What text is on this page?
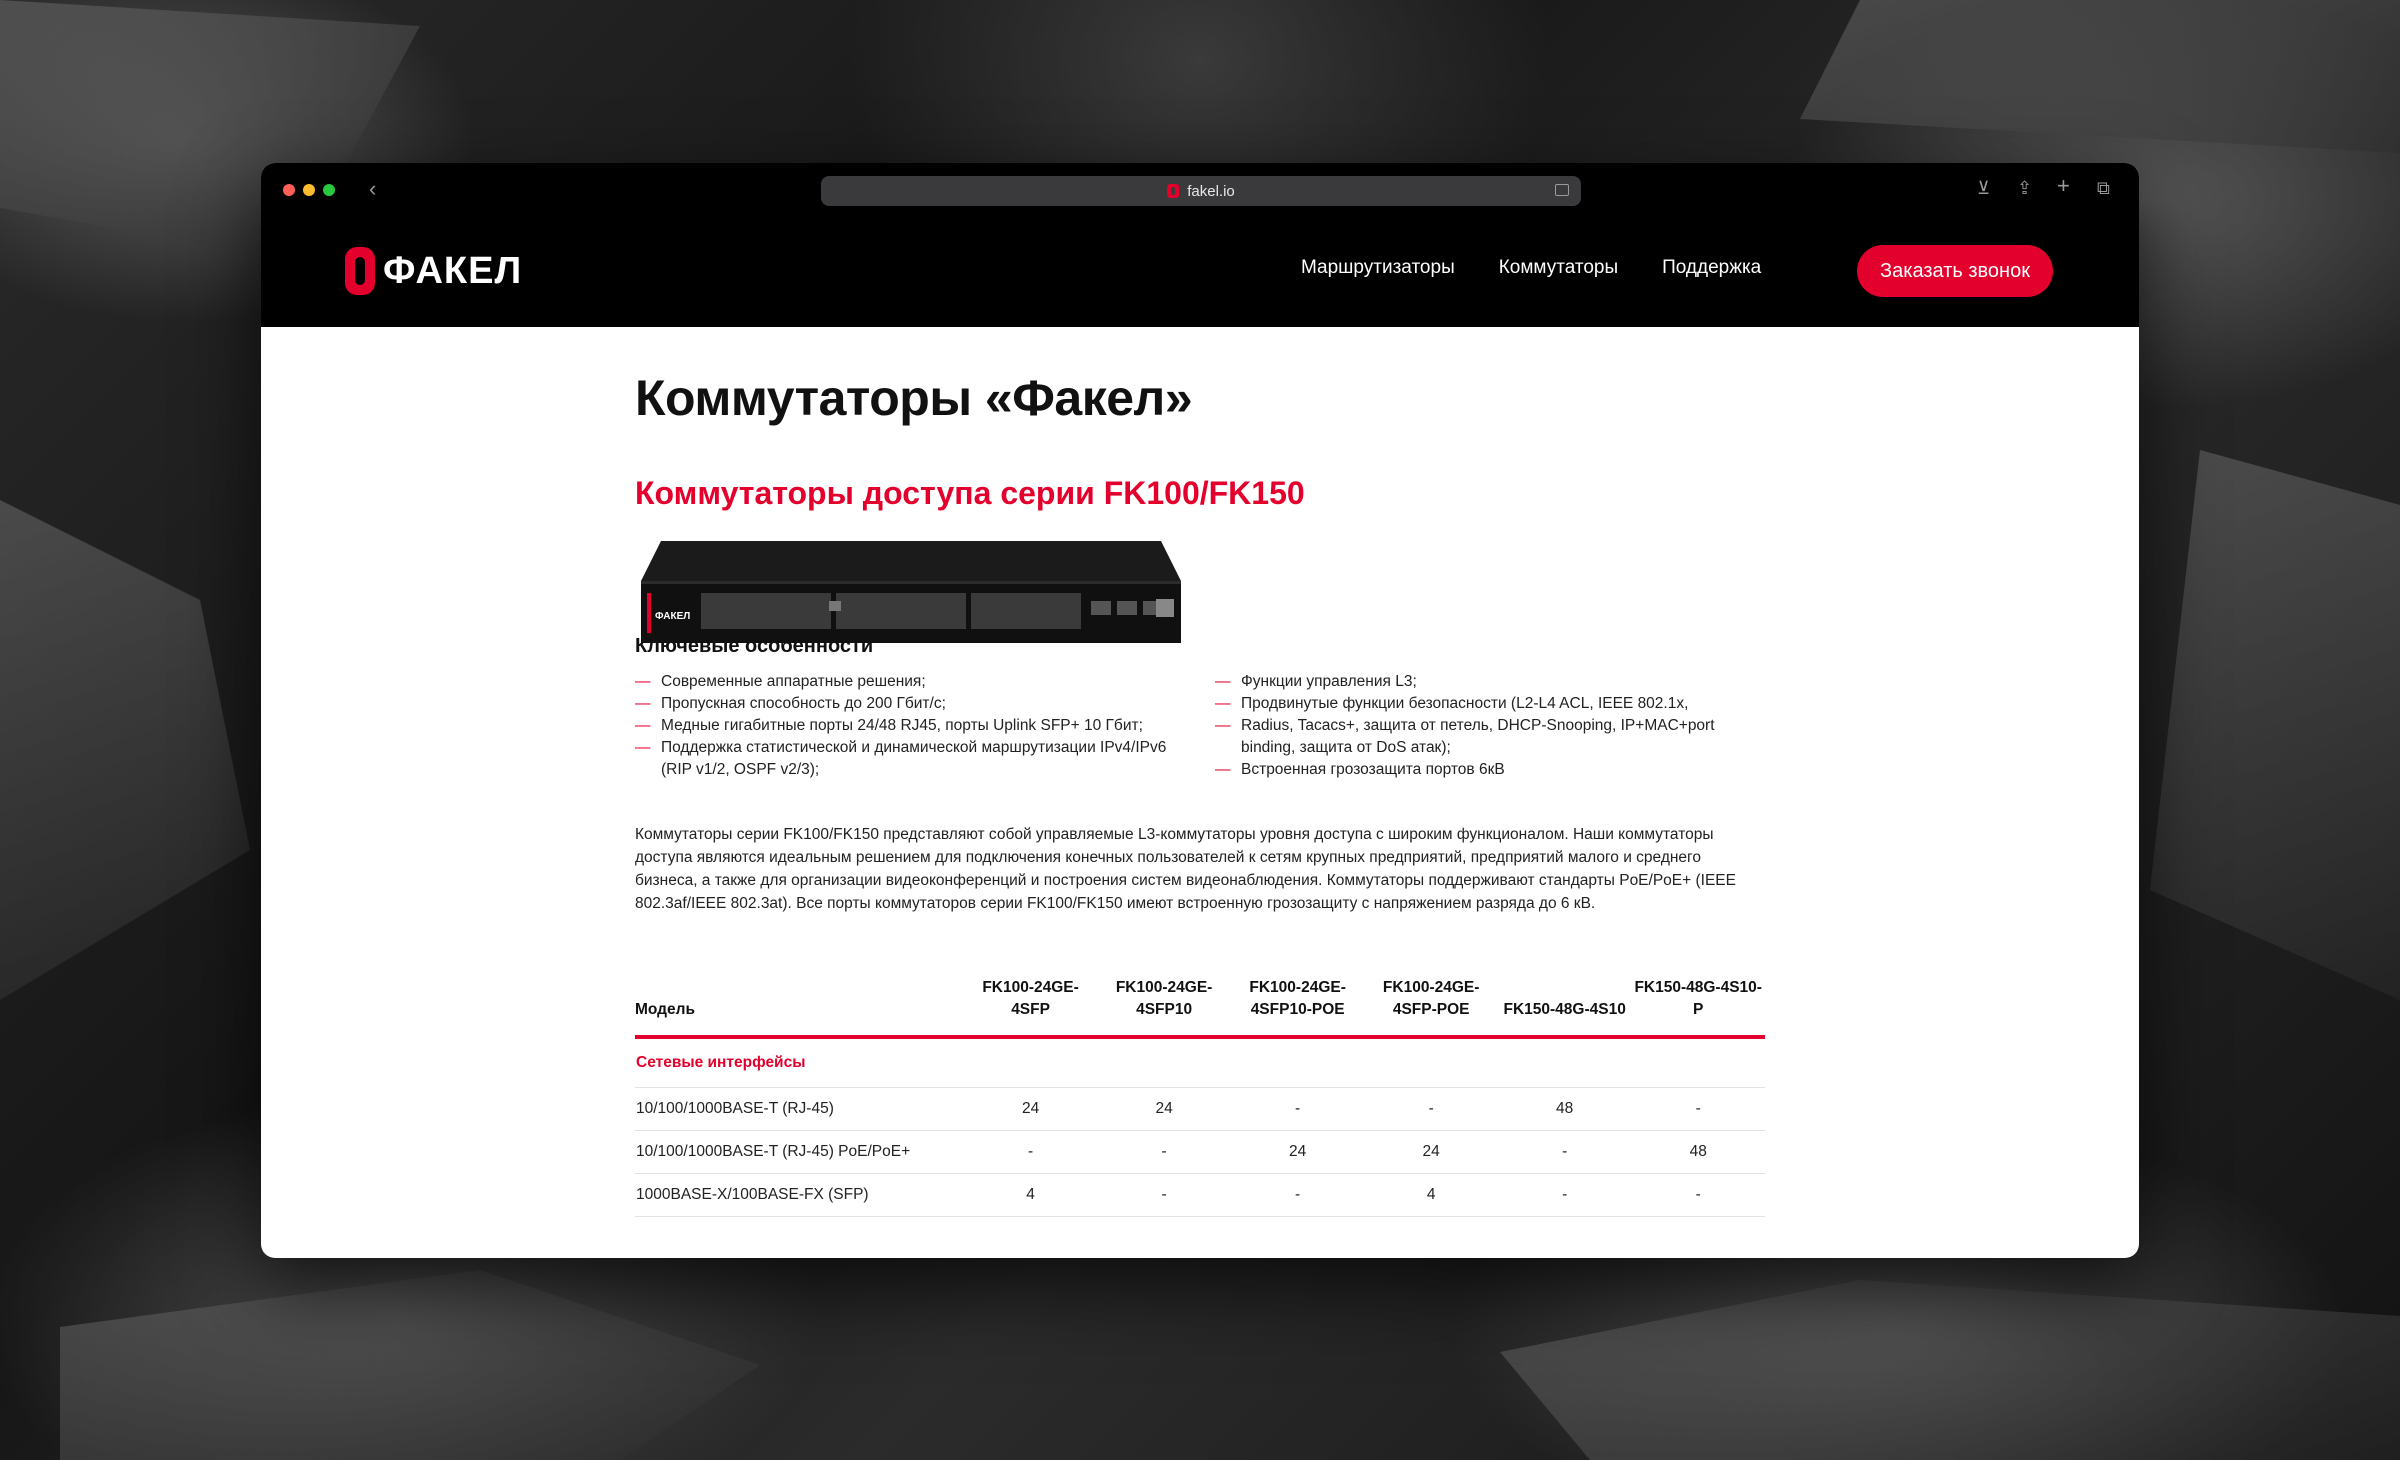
‹	fakel.io	⊻ ⇪ + ⧉
ФАКЕЛ	Маршрутизаторы Коммутаторы Поддержка	Заказать звонок
Коммутаторы «Факел»
Коммутаторы доступа серии FK100/FK150
ФАКЕЛ
Ключевые особенности
— Современные аппаратные решения;
— Пропускная способность до 200 Гбит/с;
— Медные гигабитные порты 24/48 RJ45, порты Uplink SFP+ 10 Гбит;
— Поддержка статистической и динамической маршрутизации IPv4/IPv6 (RIP v1/2, OSPF v2/3);
— Функции управления L3;
— Продвинутые функции безопасности (L2-L4 ACL, IEEE 802.1x,
— Radius, Tacacs+, защита от петель, DHCP-Snooping, IP+MAC+port binding, защита от DoS атак);
— Встроенная грозозащита портов 6кВ

Коммутаторы серии FK100/FK150 представляют собой управляемые L3-коммутаторы уровня доступа с широким функционалом. Наши коммутаторы доступа являются идеальным решением для подключения конечных пользователей к сетям крупных предприятий, предприятий малого и среднего бизнеса, а также для организации видеоконференций и построения систем видеонаблюдения. Коммутаторы поддерживают стандарты PoE/PoE+ (IEEE 802.3af/IEEE 802.3at). Все порты коммутаторов серии FK100/FK150 имеют встроенную грозозащиту с напряжением разряда до 6 кВ.

Модель	FK100-24GE-4SFP	FK100-24GE-4SFP10	FK100-24GE-4SFP10-POE	FK100-24GE-4SFP-POE	FK150-48G-4S10	FK150-48G-4S10-P
Сетевые интерфейсы						
10/100/1000BASE-T (RJ-45)	24	24	-	-	48	-
10/100/1000BASE-T (RJ-45) PoE/PoE+	-	-	24	24	-	48
1000BASE-X/100BASE-FX (SFP)	4	-	-	4	-	-
